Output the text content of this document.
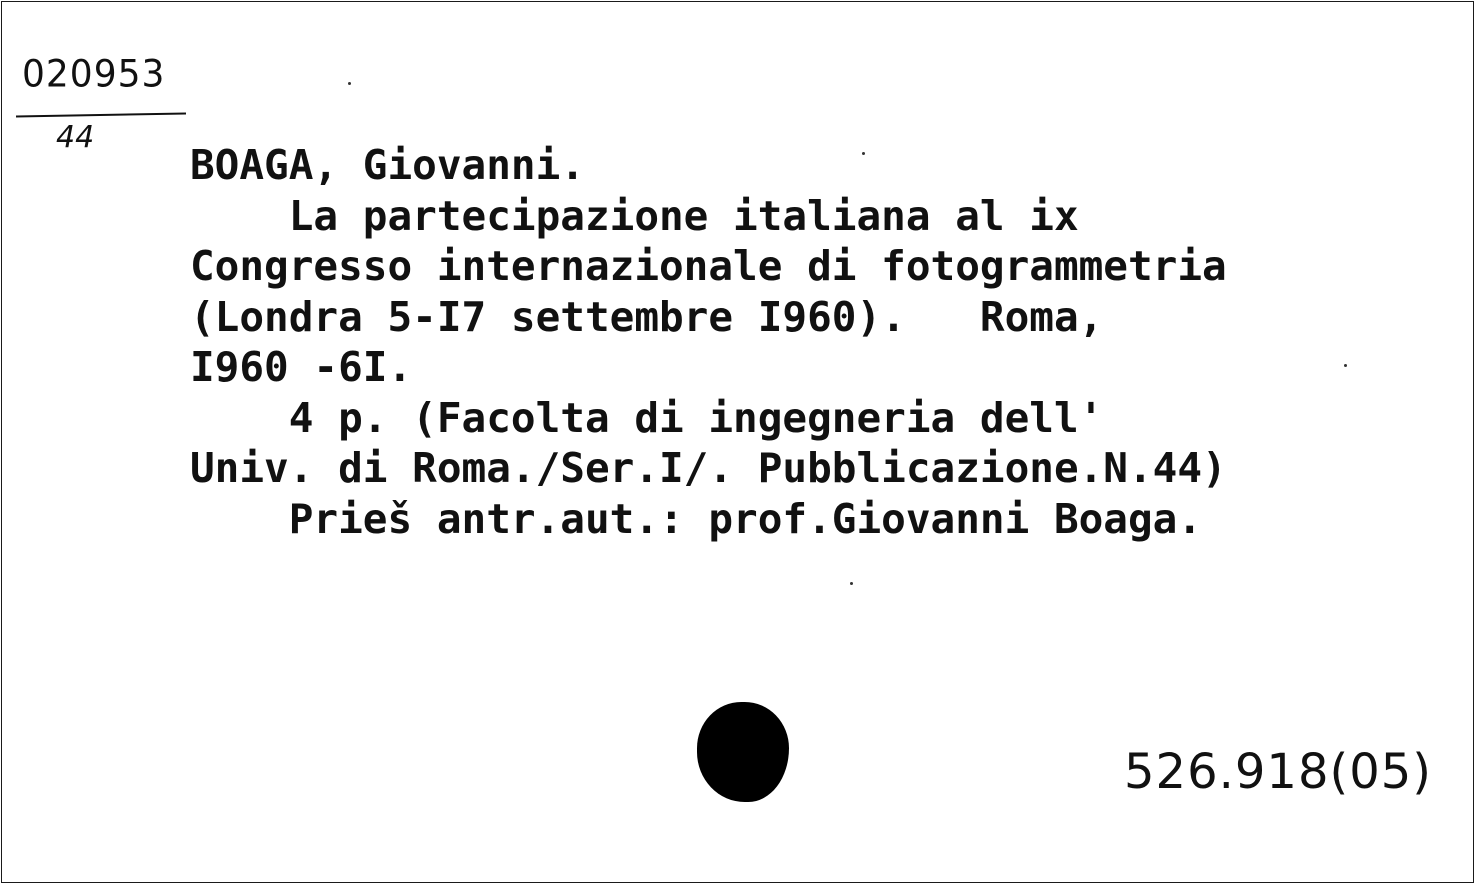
020953
44
BOAGA, Giovanni.
La partecipazione italiana al ix
Congresso internazionale di fotogrammetria
(Londra 5-I7 settembre I960).   Roma,
I960 -6I.
4 p. (Facolta di ingegneria dell'
Univ. di Roma./Ser.I/. Pubblicazione.N.44)
Prieš antr.aut.: prof.Giovanni Boaga.
526.918(05)
